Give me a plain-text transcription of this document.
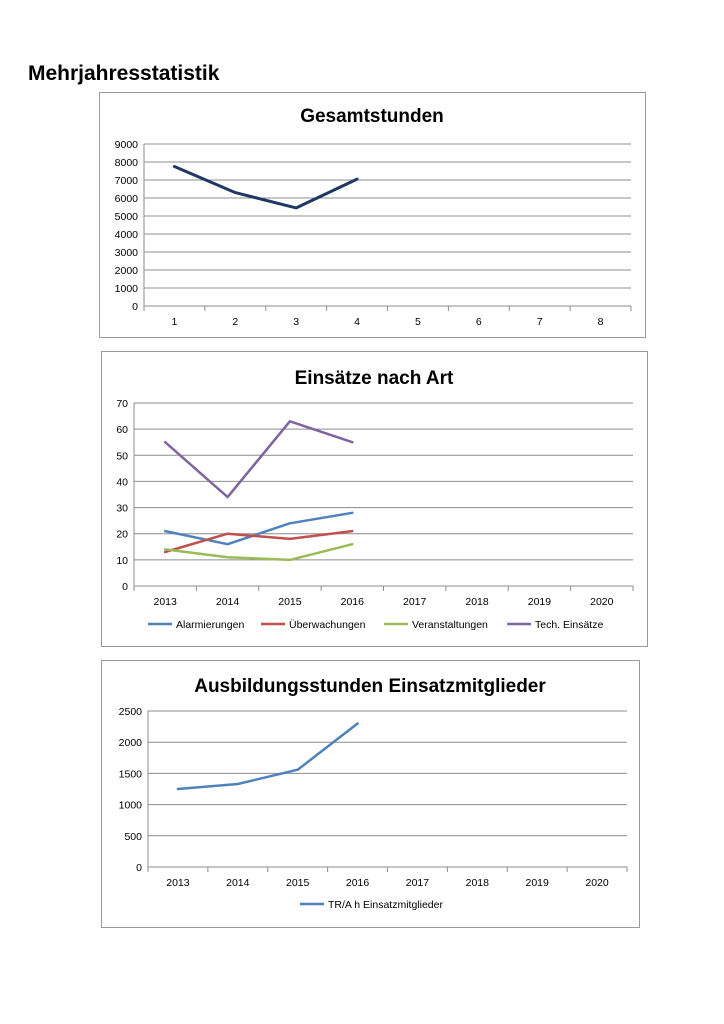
Mehrjahresstatistik
Gesamtstunden
0
1000
2000
3000
4000
5000
6000
7000
8000
9000
1	2	3	4	5	6	7	8
Einsätze nach Art
0
10
20
30
40
50
60
70
2013	2014	2015	2016	2017	2018	2019	2020
Alarmierungen	Überwachungen	Veranstaltungen	Tech. Einsätze
Ausbildungsstunden Einsatzmitglieder
0
500
1000
1500
2000
2500
2013	2014	2015	2016	2017	2018	2019	2020
TR/A h Einsatzmitglieder
